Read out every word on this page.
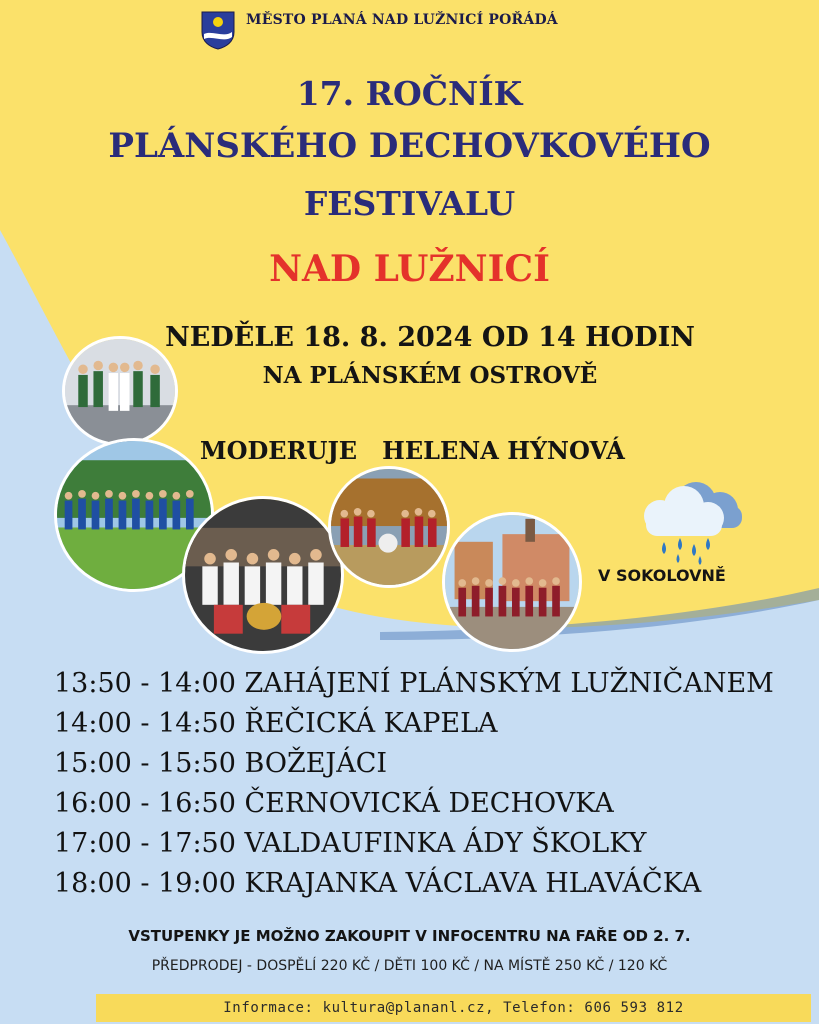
MĚSTO PLANÁ NAD LUŽNICÍ POŘÁDÁ
17. ROČNÍK
PLÁNSKÉHO DECHOVKOVÉHO
FESTIVALU
NAD LUŽNICÍ
NEDĚLE 18. 8. 2024 OD 14 HODIN
NA PLÁNSKÉM OSTROVĚ
MODERUJE   HELENA HÝNOVÁ
V SOKOLOVNĚ
13:50 - 14:00 ZAHÁJENÍ PLÁNSKÝM LUŽNIČANEM
14:00 - 14:50 ŘEČICKÁ KAPELA
15:00 - 15:50 BOŽEJÁCI
16:00 - 16:50 ČERNOVICKÁ DECHOVKA
17:00 - 17:50 VALDAUFINKA ÁDY ŠKOLKY
18:00 - 19:00 KRAJANKA VÁCLAVA HLAVÁČKA
VSTUPENKY JE MOŽNO ZAKOUPIT V INFOCENTRU NA FAŘE OD 2. 7.
PŘEDPRODEJ - DOSPĚLÍ 220 KČ / DĚTI 100 KČ / NA MÍSTĚ 250 KČ / 120 KČ
Informace: kultura@plananl.cz, Telefon: 606 593 812
